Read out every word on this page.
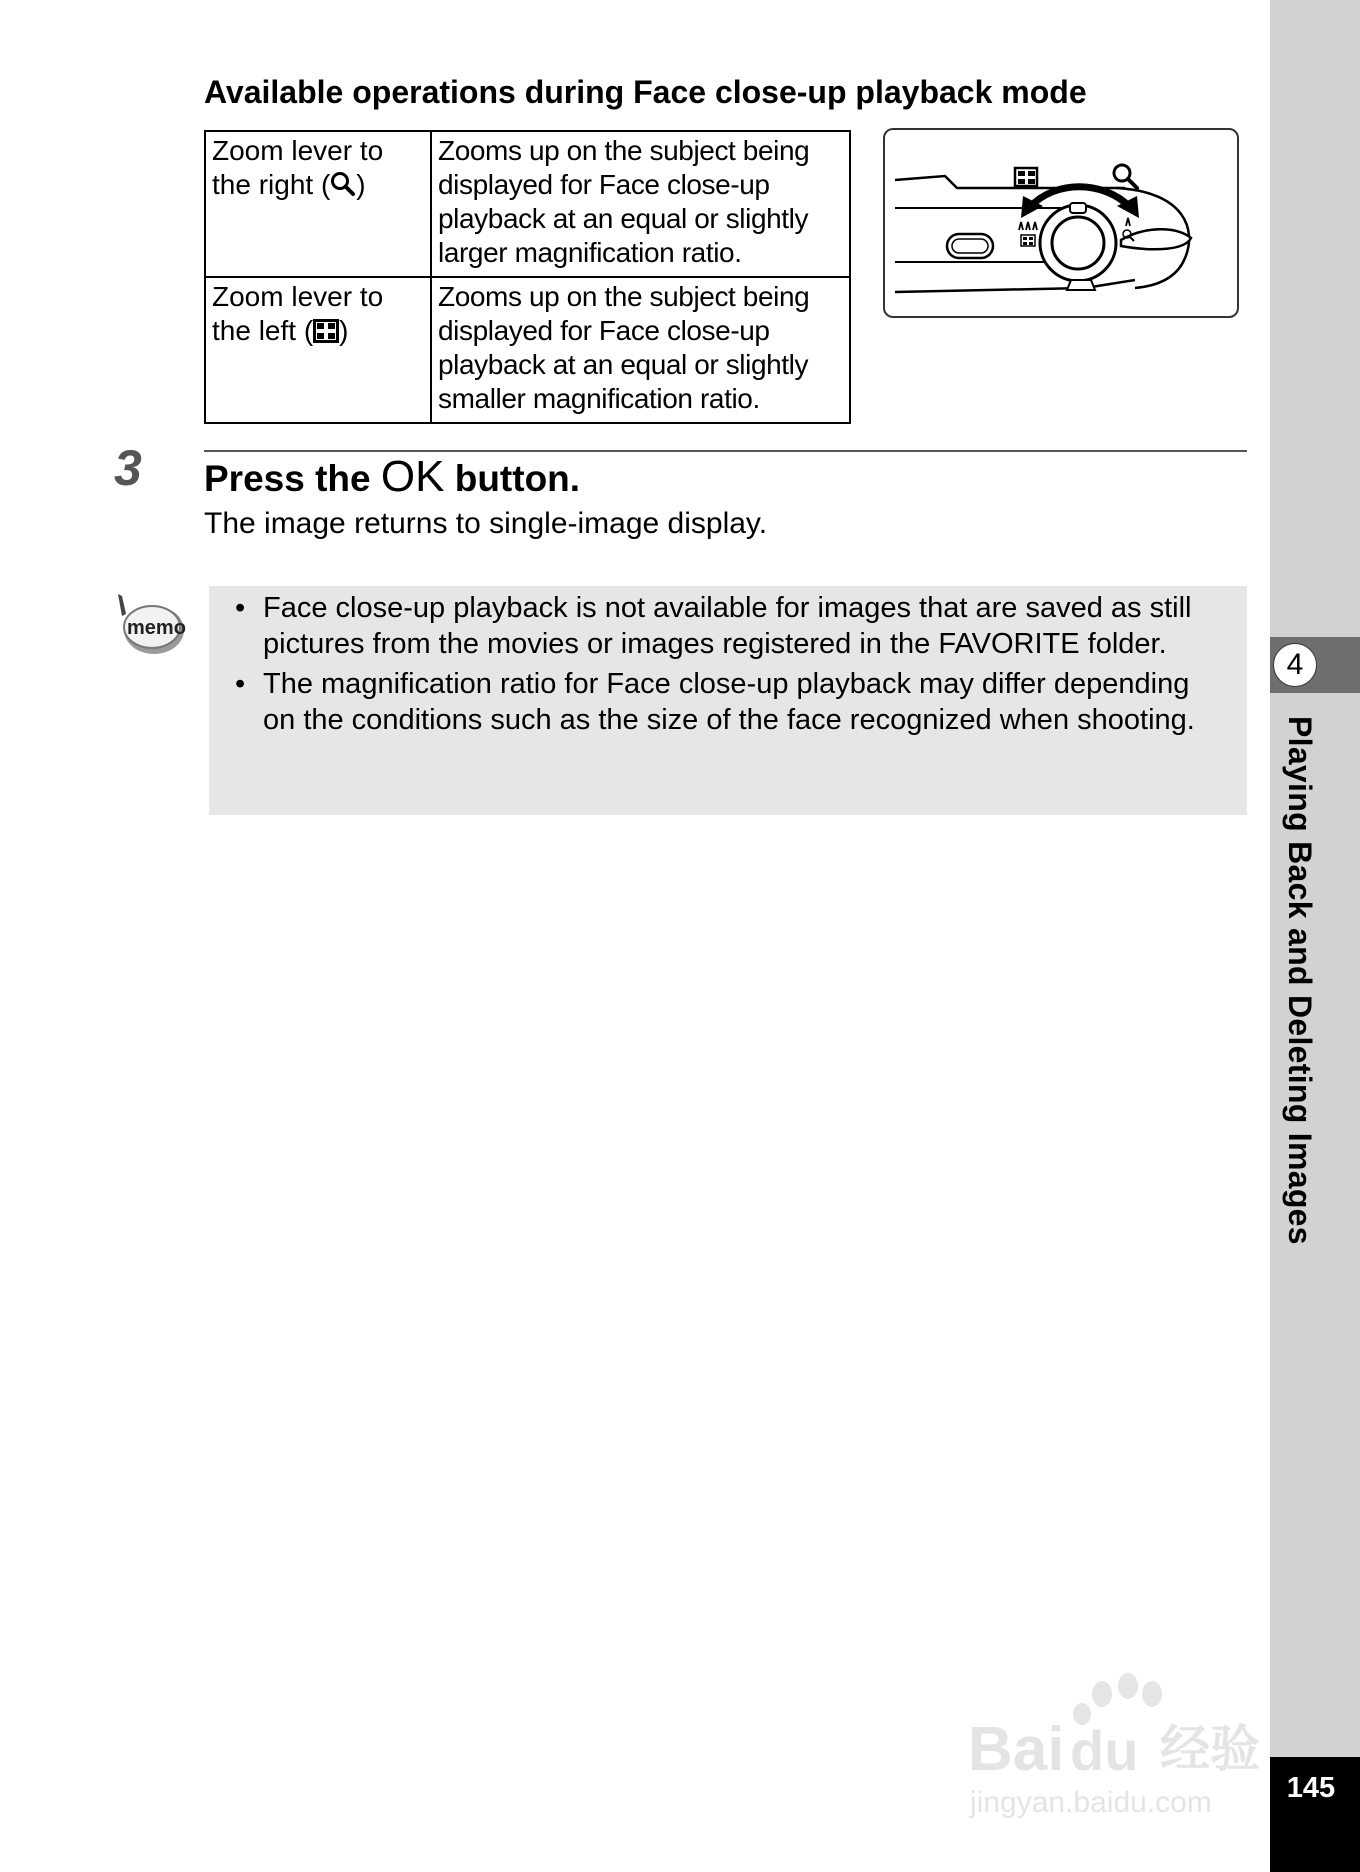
Available operations during Face close-up playback mode
Zoom lever to the right ( )	Zooms up on the subject being displayed for Face close-up playback at an equal or slightly larger magnification ratio.
Zoom lever to the left ( )	Zooms up on the subject being displayed for Face close-up playback at an equal or slightly smaller magnification ratio.
3 Press the OK button.
The image returns to single-image display.
memo
• Face close-up playback is not available for images that are saved as still pictures from the movies or images registered in the FAVORITE folder.
• The magnification ratio for Face close-up playback may differ depending on the conditions such as the size of the face recognized when shooting.
4
Playing Back and Deleting Images
145
Bai du 经验
jingyan.baidu.com
